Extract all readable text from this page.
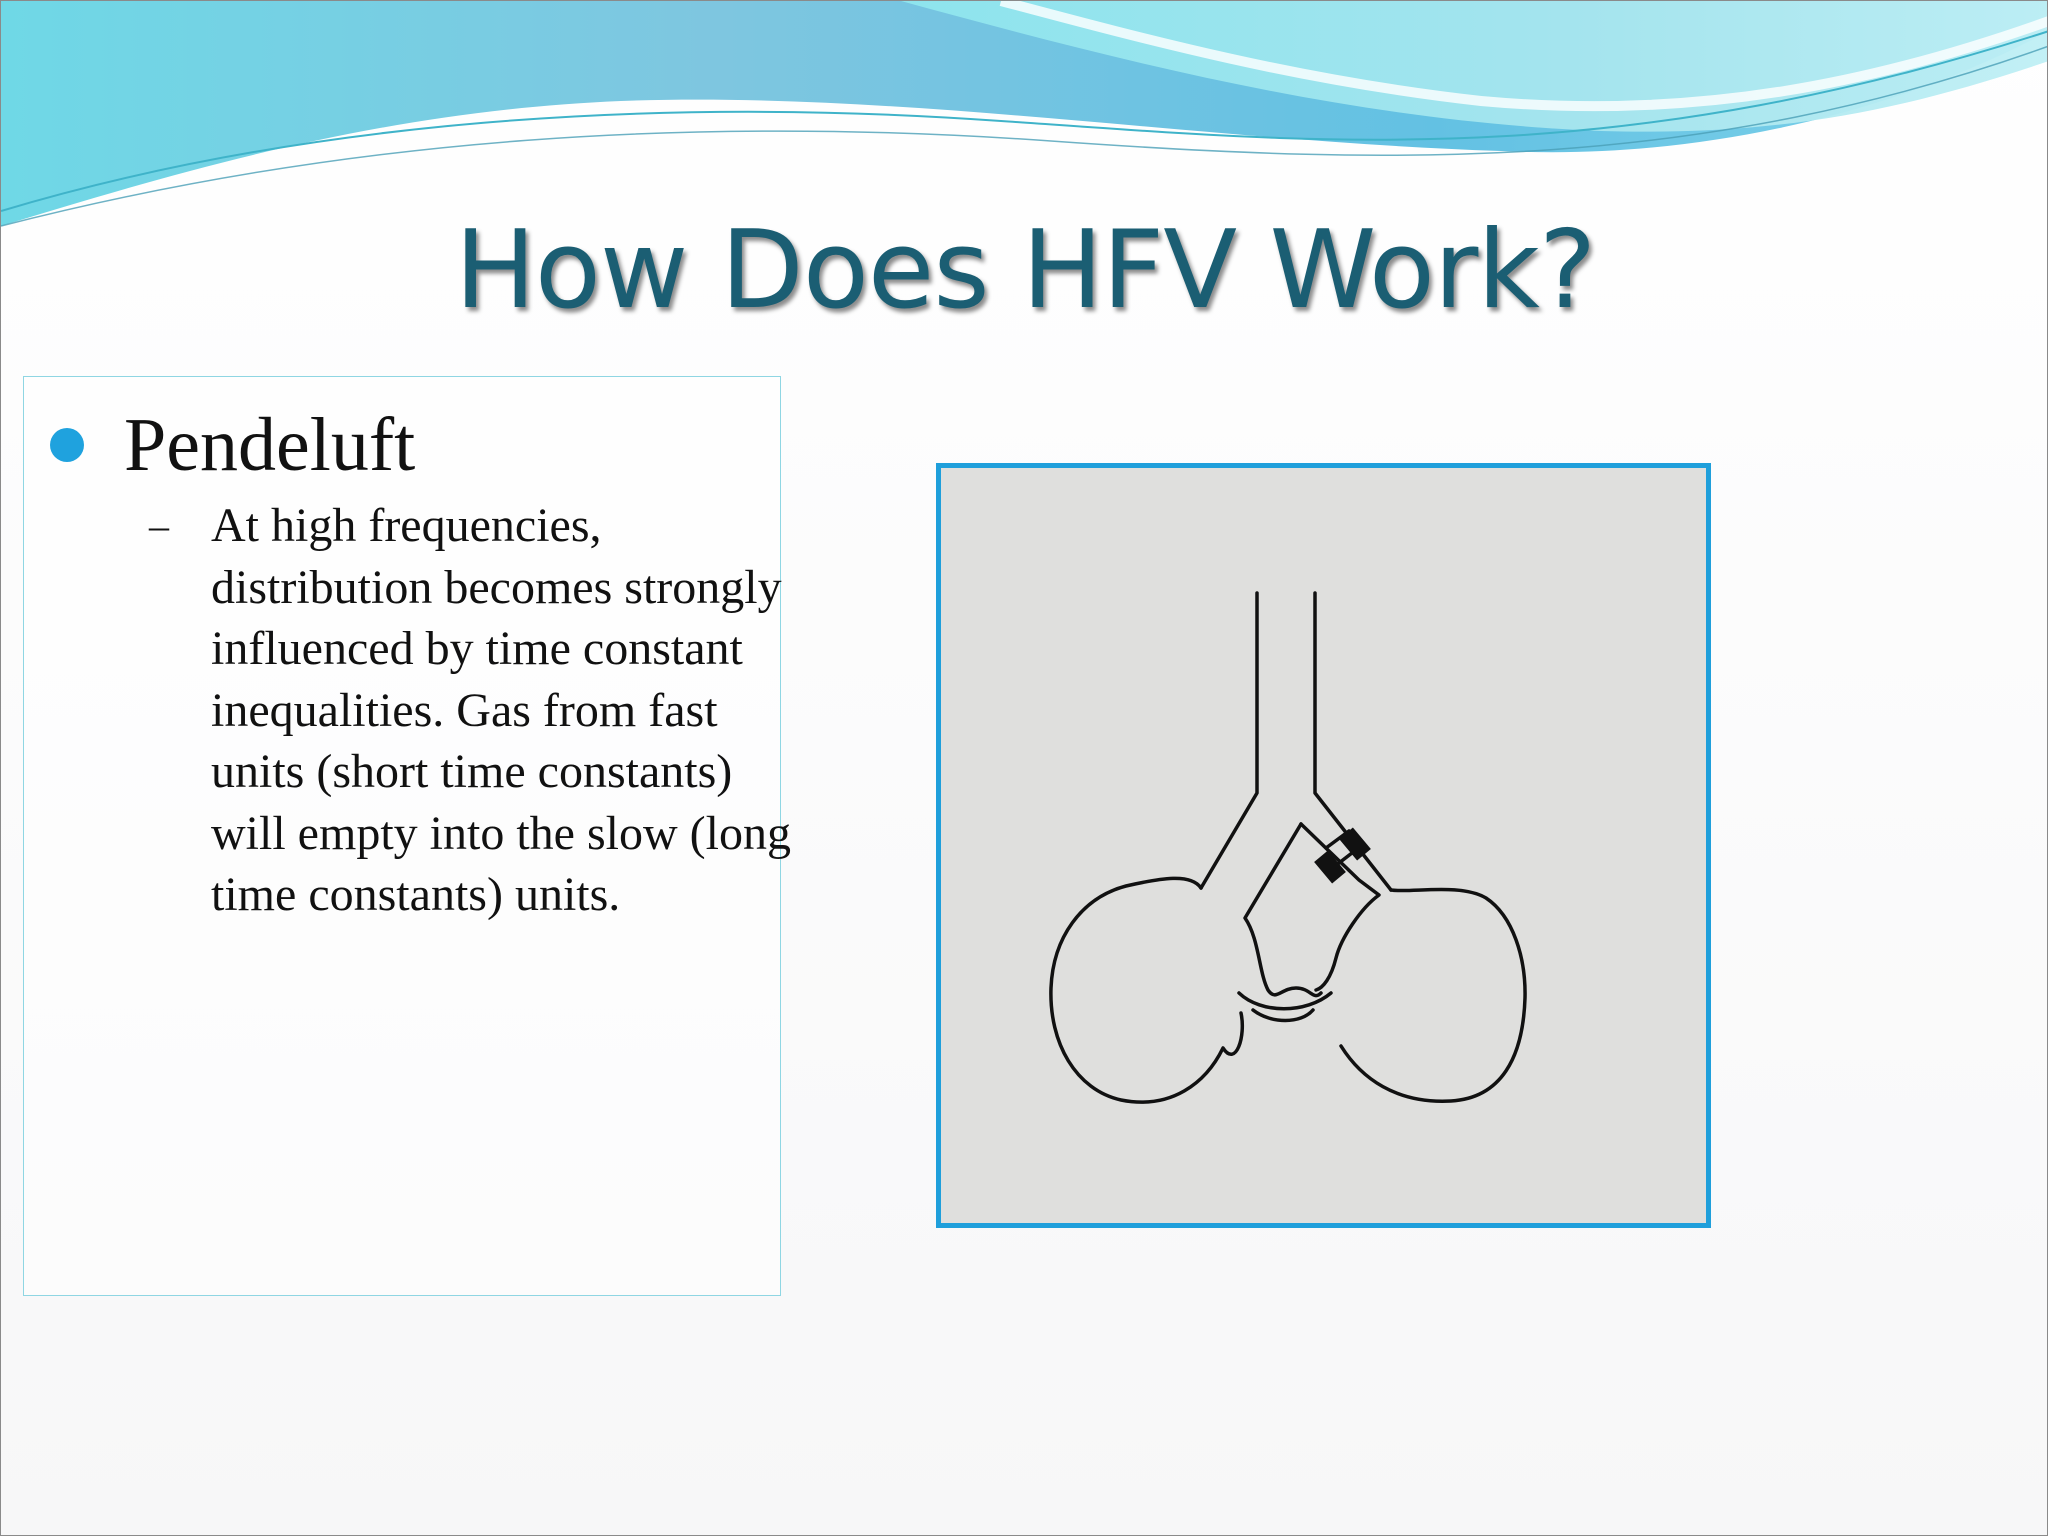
How Does HFV Work?
Pendeluft
– At high frequencies, distribution becomes strongly influenced by time constant inequalities. Gas from fast units (short time constants) will empty into the slow (long time constants) units.
